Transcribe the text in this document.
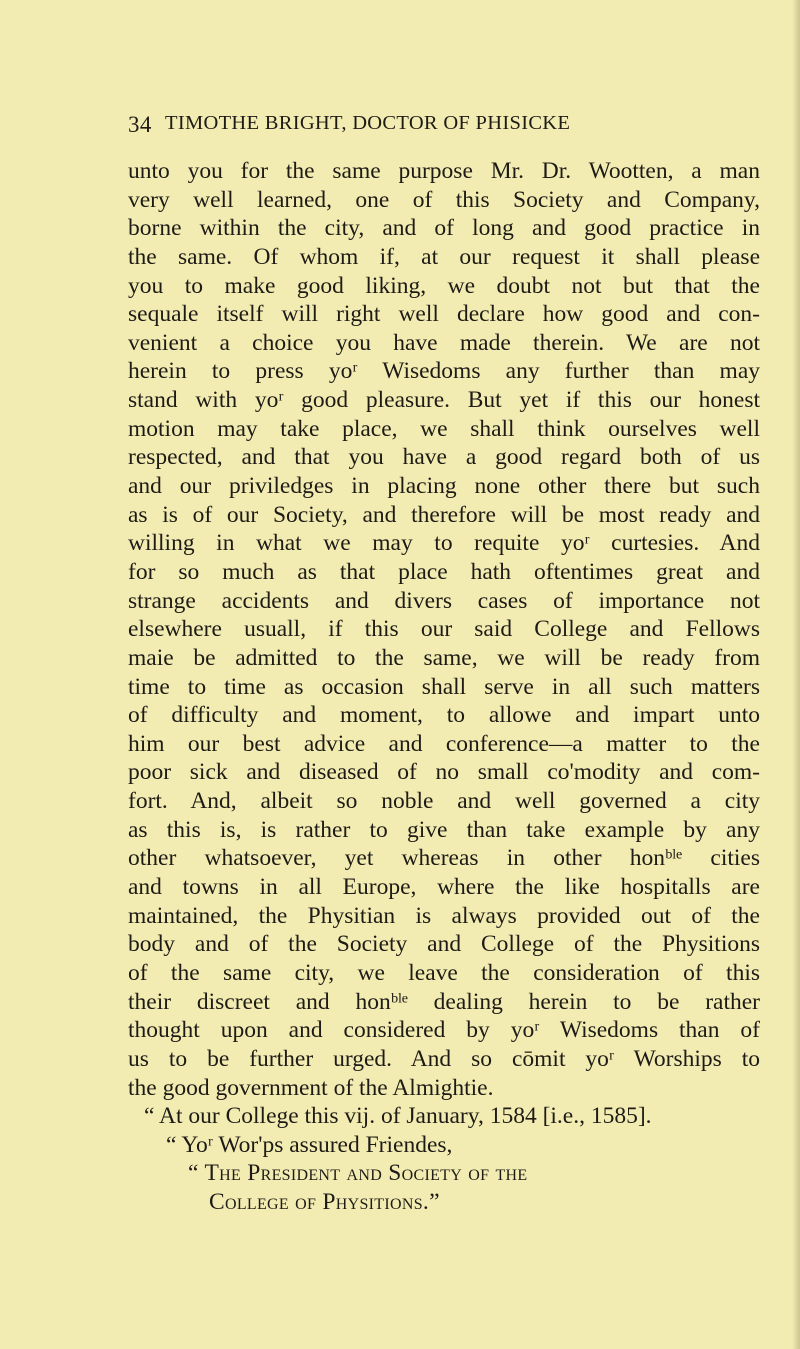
34 TIMOTHE BRIGHT, DOCTOR OF PHISICKE
unto you for the same purpose Mr. Dr. Wootten, a man
very well learned, one of this Society and Company,
borne within the city, and of long and good practice in
the same. Of whom if, at our request it shall please
you to make good liking, we doubt not but that the
sequale itself will right well declare how good and con-
venient a choice you have made therein. We are not
herein to press yoʳ Wisedoms any further than may
stand with yoʳ good pleasure. But yet if this our honest
motion may take place, we shall think ourselves well
respected, and that you have a good regard both of us
and our priviledges in placing none other there but such
as is of our Society, and therefore will be most ready and
willing in what we may to requite yoʳ curtesies. And
for so much as that place hath oftentimes great and
strange accidents and divers cases of importance not
elsewhere usuall, if this our said College and Fellows
maie be admitted to the same, we will be ready from
time to time as occasion shall serve in all such matters
of difficulty and moment, to allowe and impart unto
him our best advice and conference—a matter to the
poor sick and diseased of no small co'modity and com-
fort. And, albeit so noble and well governed a city
as this is, is rather to give than take example by any
other whatsoever, yet whereas in other honᵇˡᵉ cities
and towns in all Europe, where the like hospitalls are
maintained, the Physitian is always provided out of the
body and of the Society and College of the Physitions
of the same city, we leave the consideration of this
their discreet and honᵇˡᵉ dealing herein to be rather
thought upon and considered by yoʳ Wisedoms than of
us to be further urged. And so cōmit yoʳ Worships to
the good government of the Almightie.
“ At our College this vij. of January, 1584 [i.e., 1585].
“ Yoʳ Wor'ps assured Friendes,
“ The President and Society of the
College of Physitions.”
